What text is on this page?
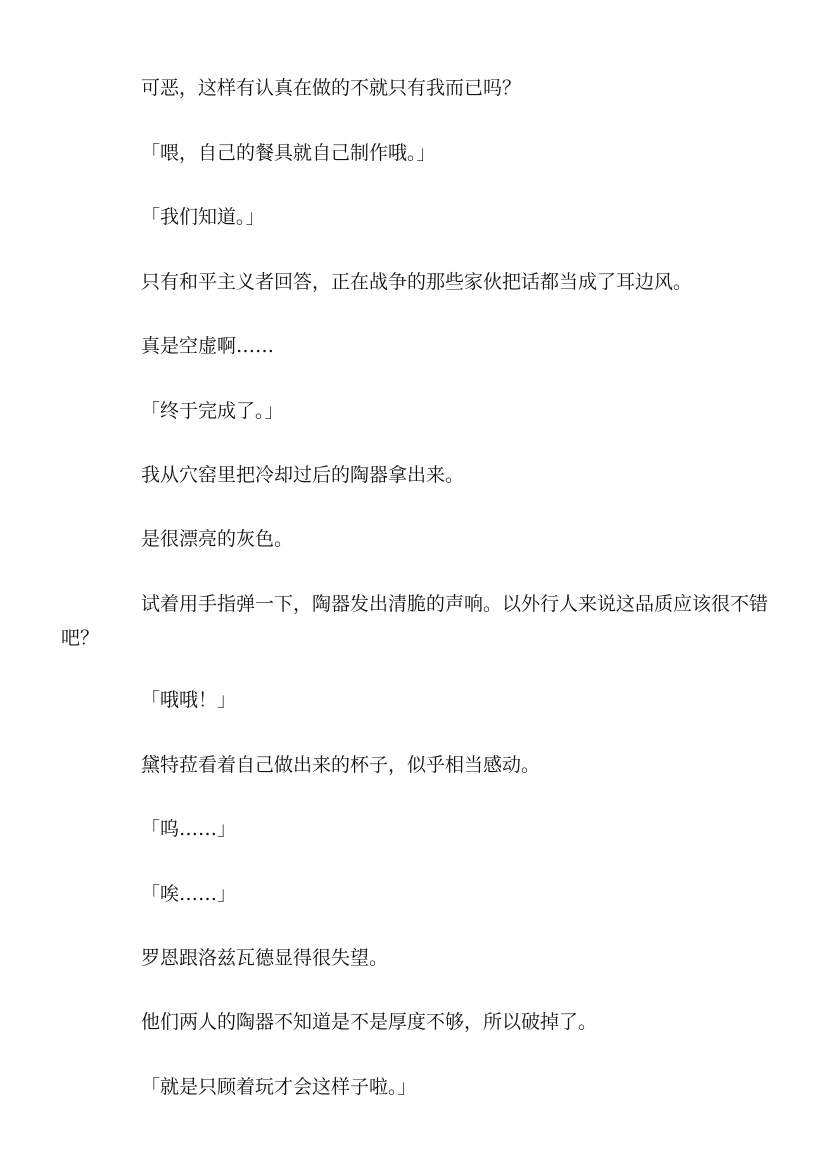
可恶，这样有认真在做的不就只有我而已吗？

「喂，自己的餐具就自己制作哦。」

「我们知道。」

只有和平主义者回答，正在战争的那些家伙把话都当成了耳边风。

真是空虚啊……

「终于完成了。」

我从穴窑里把冷却过后的陶器拿出来。

是很漂亮的灰色。

试着用手指弹一下，陶器发出清脆的声响。以外行人来说这品质应该很不错吧？

「哦哦！」

黛特菈看着自己做出来的杯子，似乎相当感动。

「呜……」

「唉……」

罗恩跟洛兹瓦德显得很失望。

他们两人的陶器不知道是不是厚度不够，所以破掉了。

「就是只顾着玩才会这样子啦。」
